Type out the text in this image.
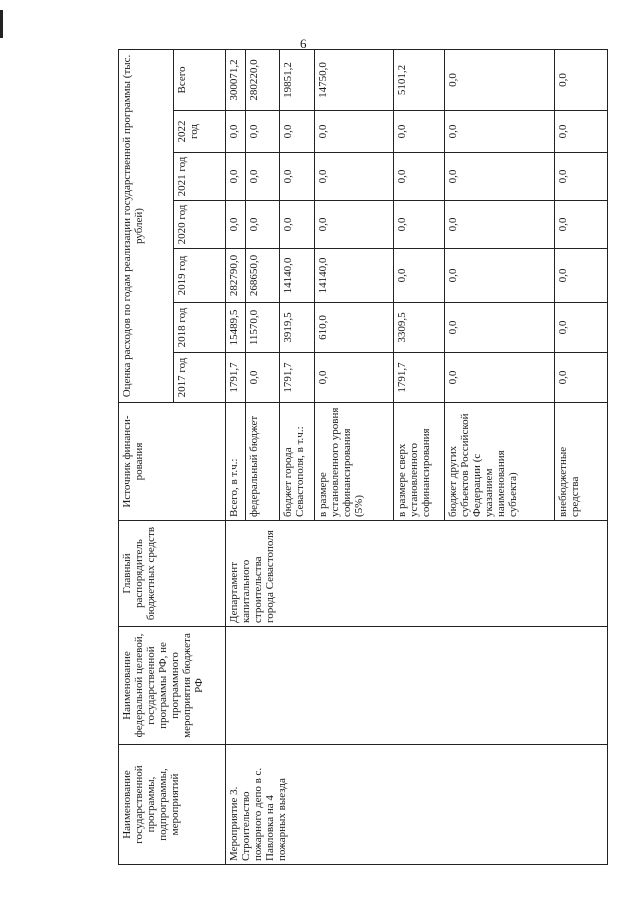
6
Наименование государственной программы, подпрограммы, мероприятий	Наименование федеральной целевой, государственной программы РФ, не программного мероприятия бюджета РФ	Главный распорядитель бюджетных средств	Источник финанси-рования	Оценка расходов по годам реализации государственной программы (тыс. рублей)						
				2017 год	2018 год	2019 год	2020 год	2021 год	2022 год	Всего
Мероприятие 3. Строительство пожарного депо в с. Павловка на 4 пожарных выезда		Департамент капитального строительства города Севастополя	Всего, в т.ч.:	1791,7	15489,5	282790,0	0,0	0,0	0,0	300071,2
			федеральный бюджет	0,0	11570,0	268650,0	0,0	0,0	0,0	280220,0
			бюджет города Севастополя, в т.ч.:	1791,7	3919,5	14140,0	0,0	0,0	0,0	19851,2
			в размере установленного уровня софинансирования (5%)	0,0	610,0	14140,0	0,0	0,0	0,0	14750,0
			в размере сверх установленного софинансирования	1791,7	3309,5	0,0	0,0	0,0	0,0	5101,2
			бюджет других субъектов Российской Федерации (с указанием наименования субъекта)	0,0	0,0	0,0	0,0	0,0	0,0	0,0
			внебюджетные средства	0,0	0,0	0,0	0,0	0,0	0,0	0,0
